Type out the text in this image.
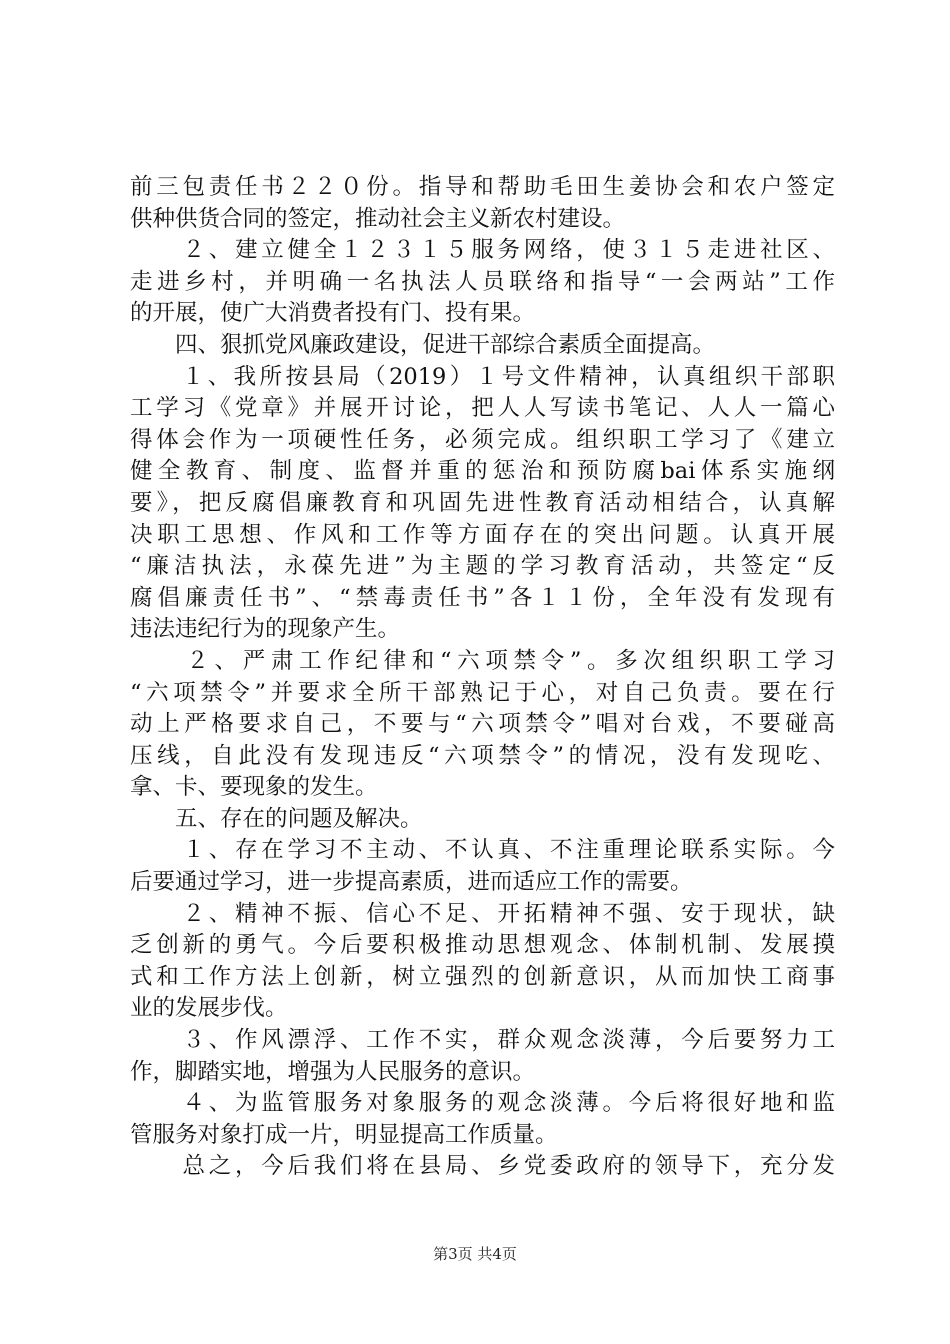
前三包责任书２２０份。指导和帮助毛田生姜协会和农户签定
供种供货合同的签定，推动社会主义新农村建设。
　　２、建立健全１２３１５服务网络，使３１５走进社区、
走进乡村，并明确一名执法人员联络和指导“一会两站”工作
的开展，使广大消费者投有门、投有果。
　　四、狠抓党风廉政建设，促进干部综合素质全面提高。
　　１、我所按县局（2019）１号文件精神，认真组织干部职
工学习《党章》并展开讨论，把人人写读书笔记、人人一篇心
得体会作为一项硬性任务，必须完成。组织职工学习了《建立
健全教育、制度、监督并重的惩治和预防腐bai体系实施纲
要》，把反腐倡廉教育和巩固先进性教育活动相结合，认真解
决职工思想、作风和工作等方面存在的突出问题。认真开展
“廉洁执法，永葆先进”为主题的学习教育活动，共签定“反
腐倡廉责任书”、“禁毒责任书”各１１份，全年没有发现有
违法违纪行为的现象产生。
　　２、严肃工作纪律和“六项禁令”。多次组织职工学习
“六项禁令”并要求全所干部熟记于心，对自己负责。要在行
动上严格要求自己，不要与“六项禁令”唱对台戏，不要碰高
压线，自此没有发现违反“六项禁令”的情况，没有发现吃、
拿、卡、要现象的发生。
　　五、存在的问题及解决。
　　１、存在学习不主动、不认真、不注重理论联系实际。今
后要通过学习，进一步提高素质，进而适应工作的需要。
　　２、精神不振、信心不足、开拓精神不强、安于现状，缺
乏创新的勇气。今后要积极推动思想观念、体制机制、发展摸
式和工作方法上创新，树立强烈的创新意识，从而加快工商事
业的发展步伐。
　　３、作风漂浮、工作不实，群众观念淡薄，今后要努力工
作，脚踏实地，增强为人民服务的意识。
　　４、为监管服务对象服务的观念淡薄。今后将很好地和监
管服务对象打成一片，明显提高工作质量。
　　总之，今后我们将在县局、乡党委政府的领导下，充分发
第3页 共4页
